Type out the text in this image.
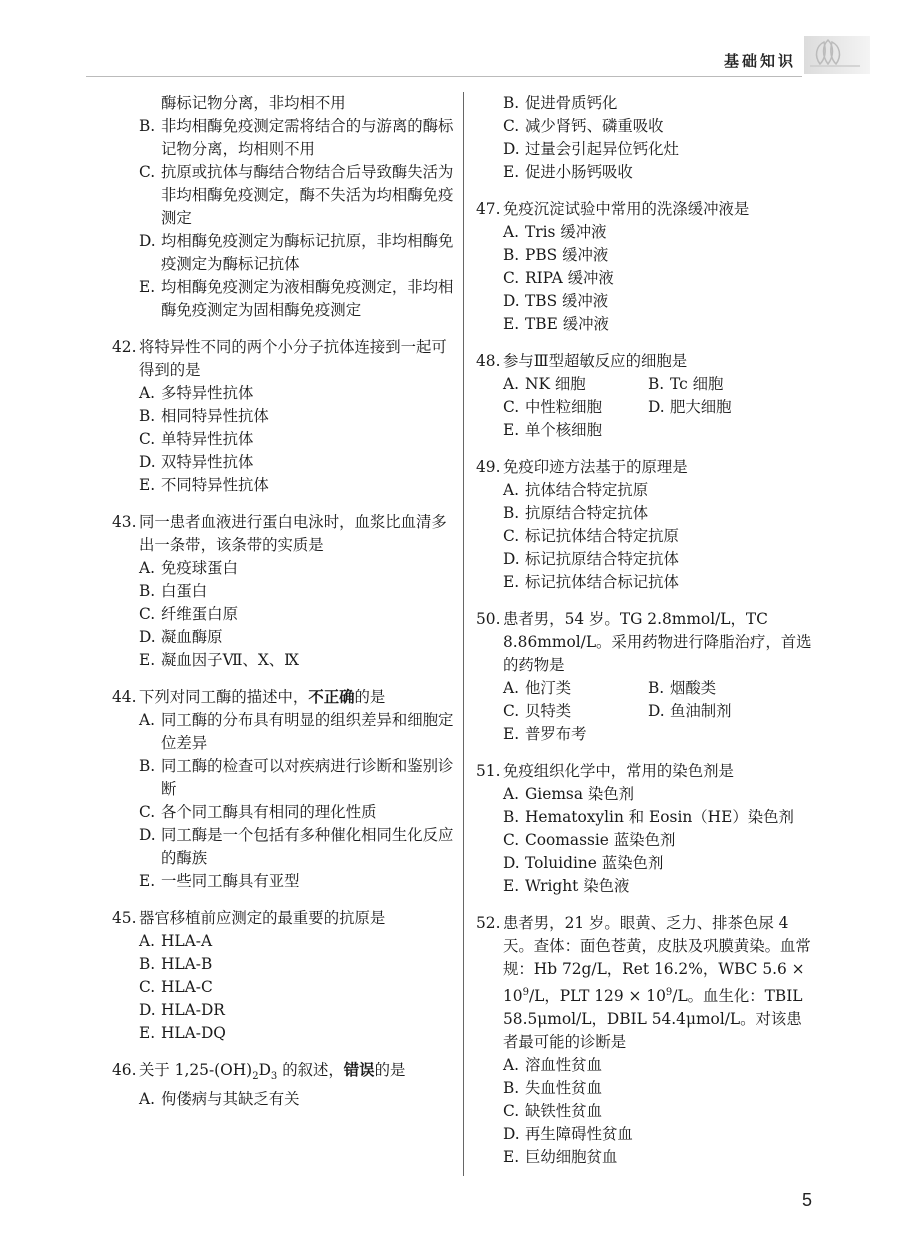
基础知识
酶标记物分离，非均相不用
B. 非均相酶免疫测定需将结合的与游离的酶标记物分离，均相则不用
C. 抗原或抗体与酶结合物结合后导致酶失活为非均相酶免疫测定，酶不失活为均相酶免疫测定
D. 均相酶免疫测定为酶标记抗原，非均相酶免疫测定为酶标记抗体
E. 均相酶免疫测定为液相酶免疫测定，非均相酶免疫测定为固相酶免疫测定
42. 将特异性不同的两个小分子抗体连接到一起可得到的是
A. 多特异性抗体
B. 相同特异性抗体
C. 单特异性抗体
D. 双特异性抗体
E. 不同特异性抗体
43. 同一患者血液进行蛋白电泳时，血浆比血清多出一条带，该条带的实质是
A. 免疫球蛋白
B. 白蛋白
C. 纤维蛋白原
D. 凝血酶原
E. 凝血因子Ⅶ、Ⅹ、Ⅸ
44. 下列对同工酶的描述中，不正确的是
A. 同工酶的分布具有明显的组织差异和细胞定位差异
B. 同工酶的检查可以对疾病进行诊断和鉴别诊断
C. 各个同工酶具有相同的理化性质
D. 同工酶是一个包括有多种催化相同生化反应的酶族
E. 一些同工酶具有亚型
45. 器官移植前应测定的最重要的抗原是
A. HLA-A
B. HLA-B
C. HLA-C
D. HLA-DR
E. HLA-DQ
46. 关于 $1,25-(OH)_2D_3$ 的叙述，错误的是
A. 佝偻病与其缺乏有关
B. 促进骨质钙化
C. 减少肾钙、磷重吸收
D. 过量会引起异位钙化灶
E. 促进小肠钙吸收
47. 免疫沉淀试验中常用的洗涤缓冲液是
A. Tris 缓冲液
B. PBS 缓冲液
C. RIPA 缓冲液
D. TBS 缓冲液
E. TBE 缓冲液
48. 参与Ⅲ型超敏反应的细胞是
A. NK 细胞	B. Tc 细胞
C. 中性粒细胞	D. 肥大细胞
E. 单个核细胞
49. 免疫印迹方法基于的原理是
A. 抗体结合特定抗原
B. 抗原结合特定抗体
C. 标记抗体结合特定抗原
D. 标记抗原结合特定抗体
E. 标记抗体结合标记抗体
50. 患者男，54 岁。TG 2.8mmol/L，TC 8.86mmol/L。采用药物进行降脂治疗，首选的药物是
A. 他汀类	B. 烟酸类
C. 贝特类	D. 鱼油制剂
E. 普罗布考
51. 免疫组织化学中，常用的染色剂是
A. Giemsa 染色剂
B. Hematoxylin 和 Eosin（HE）染色剂
C. Coomassie 蓝染色剂
D. Toluidine 蓝染色剂
E. Wright 染色液
52. 患者男，21 岁。眼黄、乏力、排茶色尿 4 天。查体：面色苍黄，皮肤及巩膜黄染。血常规：Hb 72g/L，Ret 16.2%，WBC $5.6 \times 10^9/L$，PLT $129 \times 10^9/L$。血生化：TBIL 58.5μmol/L，DBIL 54.4μmol/L。对该患者最可能的诊断是
A. 溶血性贫血
B. 失血性贫血
C. 缺铁性贫血
D. 再生障碍性贫血
E. 巨幼细胞贫血
5
